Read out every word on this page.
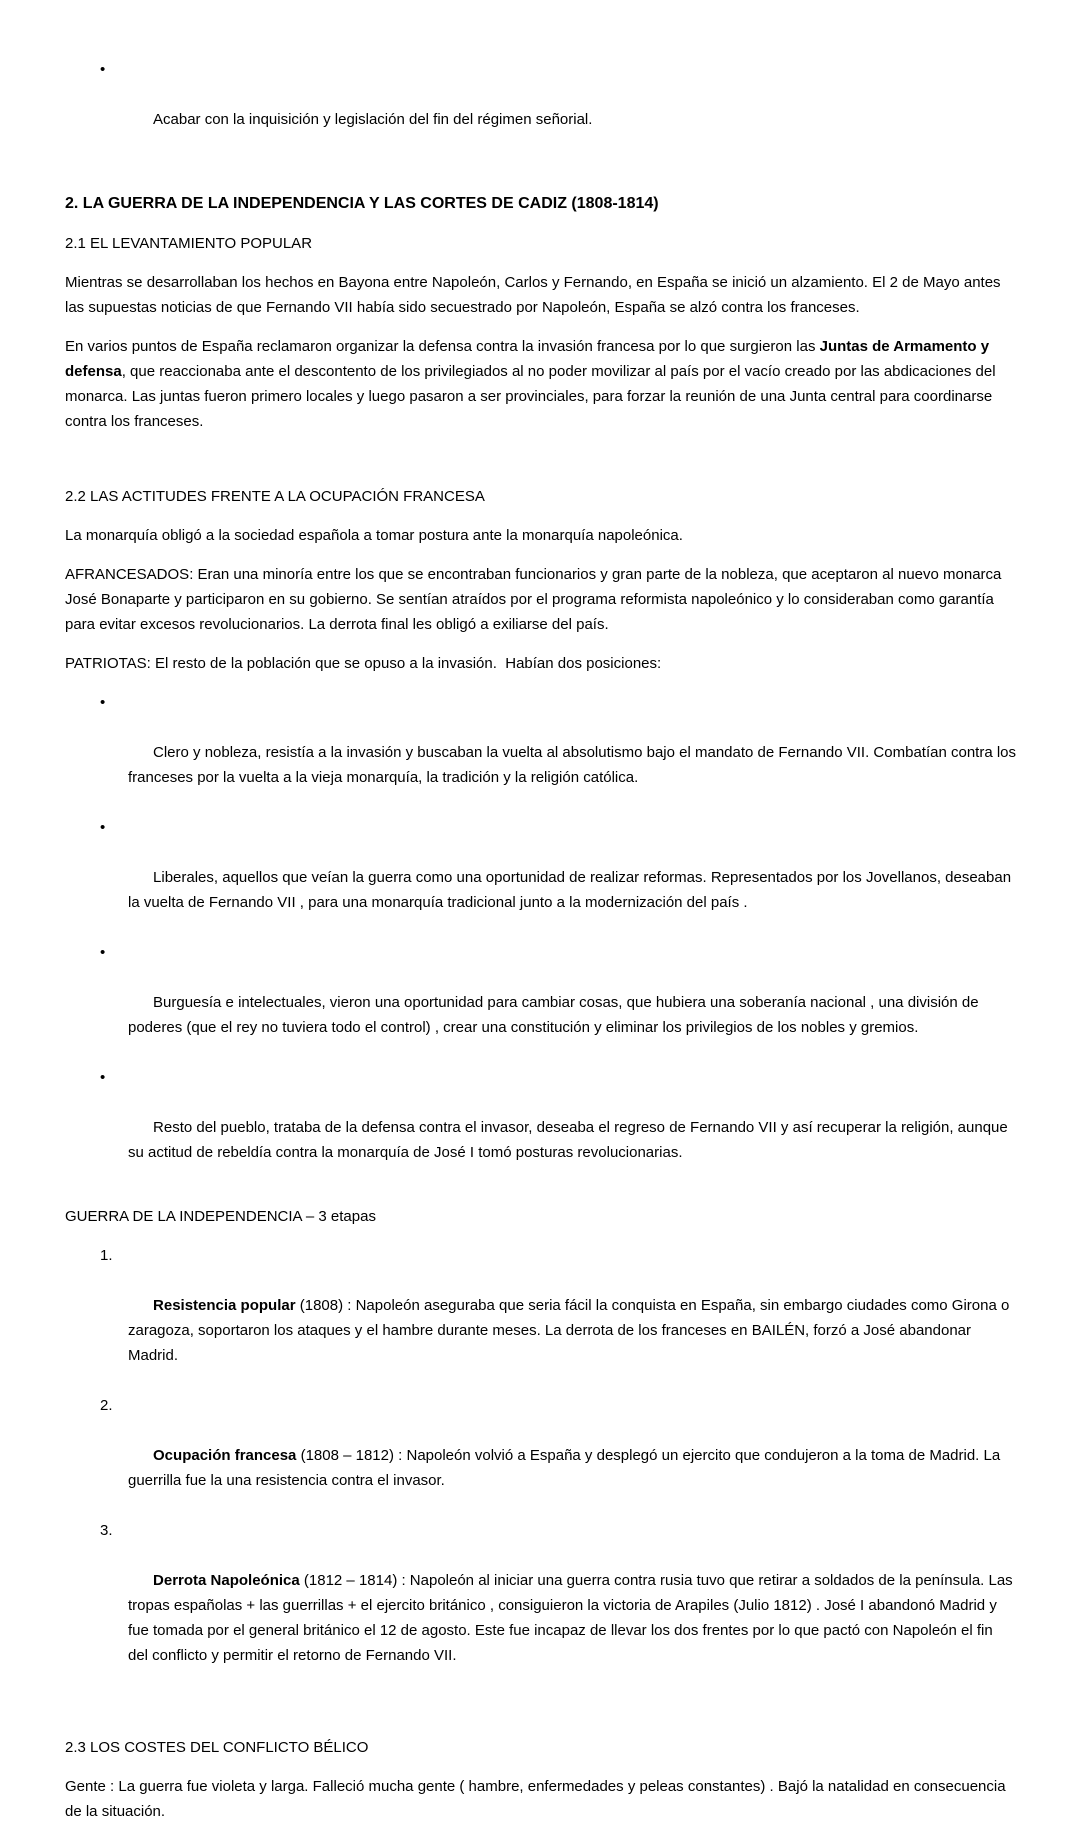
•

Acabar con la inquisición y legislación del fin del régimen señorial.

2. LA GUERRA DE LA INDEPENDENCIA Y LAS CORTES DE CADIZ (1808-1814)
2.1 EL LEVANTAMIENTO POPULAR

Mientras se desarrollaban los hechos en Bayona entre Napoleón, Carlos y Fernando, en España se inició un alzamiento. El 2 de Mayo antes las supuestas noticias de que Fernando VII había sido secuestrado por Napoleón, España se alzó contra los franceses.

En varios puntos de España reclamaron organizar la defensa contra la invasión francesa por lo que surgieron las Juntas de Armamento y defensa, que reaccionaba ante el descontento de los privilegiados al no poder movilizar al país por el vacío creado por las abdicaciones del monarca. Las juntas fueron primero locales y luego pasaron a ser provinciales, para forzar la reunión de una Junta central para coordinarse contra los franceses.

2.2 LAS ACTITUDES FRENTE A LA OCUPACIÓN FRANCESA

La monarquía obligó a la sociedad española a tomar postura ante la monarquía napoleónica.

AFRANCESADOS: Eran una minoría entre los que se encontraban funcionarios y gran parte de la nobleza, que aceptaron al nuevo monarca José Bonaparte y participaron en su gobierno. Se sentían atraídos por el programa reformista napoleónico y lo consideraban como garantía para evitar excesos revolucionarios. La derrota final les obligó a exiliarse del país.

PATRIOTAS: El resto de la población que se opuso a la invasión.  Habían dos posiciones:

•

Clero y nobleza, resistía a la invasión y buscaban la vuelta al absolutismo bajo el mandato de Fernando VII. Combatían contra los franceses por la vuelta a la vieja monarquía, la tradición y la religión católica.

•

Liberales, aquellos que veían la guerra como una oportunidad de realizar reformas. Representados por los Jovellanos, deseaban la vuelta de Fernando VII , para una monarquía tradicional junto a la modernización del país .

•

Burguesía e intelectuales, vieron una oportunidad para cambiar cosas, que hubiera una soberanía nacional , una división de poderes (que el rey no tuviera todo el control) , crear una constitución y eliminar los privilegios de los nobles y gremios.

•

Resto del pueblo, trataba de la defensa contra el invasor, deseaba el regreso de Fernando VII y así recuperar la religión, aunque su actitud de rebeldía contra la monarquía de José I tomó posturas revolucionarias.

GUERRA DE LA INDEPENDENCIA – 3 etapas

1.

Resistencia popular (1808) : Napoleón aseguraba que seria fácil la conquista en España, sin embargo ciudades como Girona o zaragoza, soportaron los ataques y el hambre durante meses. La derrota de los franceses en BAILÉN, forzó a José abandonar Madrid.

2.

Ocupación francesa (1808 – 1812) : Napoleón volvió a España y desplegó un ejercito que condujeron a la toma de Madrid. La guerrilla fue la una resistencia contra el invasor.

3.

Derrota Napoleónica (1812 – 1814) : Napoleón al iniciar una guerra contra rusia tuvo que retirar a soldados de la península. Las tropas españolas + las guerrillas + el ejercito británico , consiguieron la victoria de Arapiles (Julio 1812) . José I abandonó Madrid y fue tomada por el general británico el 12 de agosto. Este fue incapaz de llevar los dos frentes por lo que pactó con Napoleón el fin del conflicto y permitir el retorno de Fernando VII.

2.3 LOS COSTES DEL CONFLICTO BÉLICO

Gente : La guerra fue violeta y larga. Falleció mucha gente ( hambre, enfermedades y peleas constantes) . Bajó la natalidad en consecuencia de la situación.
